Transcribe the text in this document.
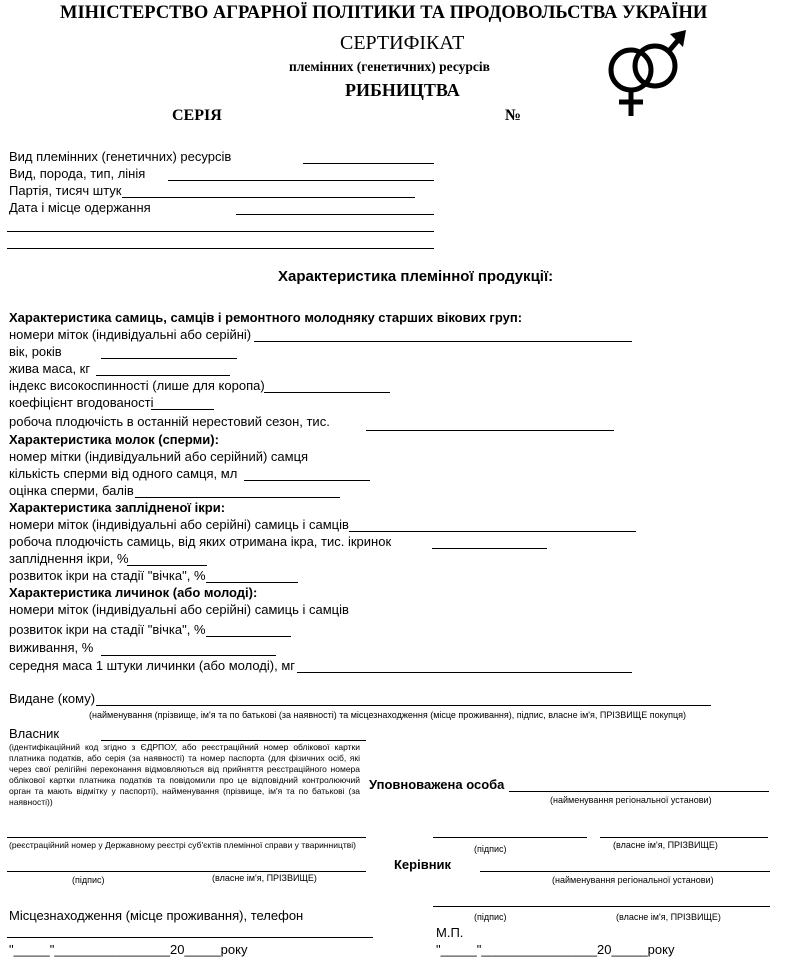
МІНІСТЕРСТВО АГРАРНОЇ ПОЛІТИКИ ТА ПРОДОВОЛЬСТВА УКРАЇНИ
СЕРТИФІКАТ
племінних (генетичних) ресурсів
РИБНИЦТВА
СЕРІЯ	№
Вид племінних (генетичних) ресурсів
Вид, порода, тип, лінія
Партія, тисяч штук
Дата і місце одержання
Характеристика племінної продукції:
Характеристика самиць, самців і ремонтного молодняку старших вікових груп:
номери міток (індивідуальні або серійні)
вік, років
жива маса, кг
індекс високоспинності (лише для коропа)
коефіцієнт вгодованості
робоча плодючість в останній нерестовий сезон, тис.
Характеристика молок (сперми):
номер мітки (індивідуальний або серійний) самця
кількість сперми від одного самця, мл
оцінка сперми, балів
Характеристика заплідненої ікри:
номери міток (індивідуальні або серійні) самиць і самців
робоча плодючість самиць, від яких отримана ікра, тис. ікринок
запліднення ікри, %
розвиток ікри на стадії "вічка", %
Характеристика личинок (або молоді):
номери міток (індивідуальні або серійні) самиць і самців
розвиток ікри на стадії "вічка", %
виживання, %
середня маса 1 штуки личинки (або молоді), мг
Видане (кому)
(найменування (прізвище, ім'я та по батькові (за наявності) та місцезнаходження (місце проживання), підпис, власне ім'я, ПРІЗВИЩЕ покупця)
Власник
(ідентифікаційний код згідно з ЄДРПОУ, або реєстраційний номер облікової картки платника податків, або серія (за наявності) та номер паспорта (для фізичних осіб, які через свої релігійні переконання відмовляються від прийняття реєстраційного номера облікової картки платника податків та повідомили про це відповідний контролюючий орган та мають відмітку у паспорті), найменування (прізвище, ім'я та по батькові (за наявності))
(реєстраційний номер у Державному реєстрі суб'єктів племінної справи у тваринництві)
(підпис)	(власне ім'я, ПРІЗВИЩЕ)
Місцезнаходження (місце проживання), телефон
"_____"________________20_____року
Уповноважена особа
(найменування регіональної установи)
(підпис)	(власне ім'я, ПРІЗВИЩЕ)
Керівник
(найменування регіональної установи)
(підпис)	(власне ім'я, ПРІЗВИЩЕ)
М.П.
"_____"________________20_____року
